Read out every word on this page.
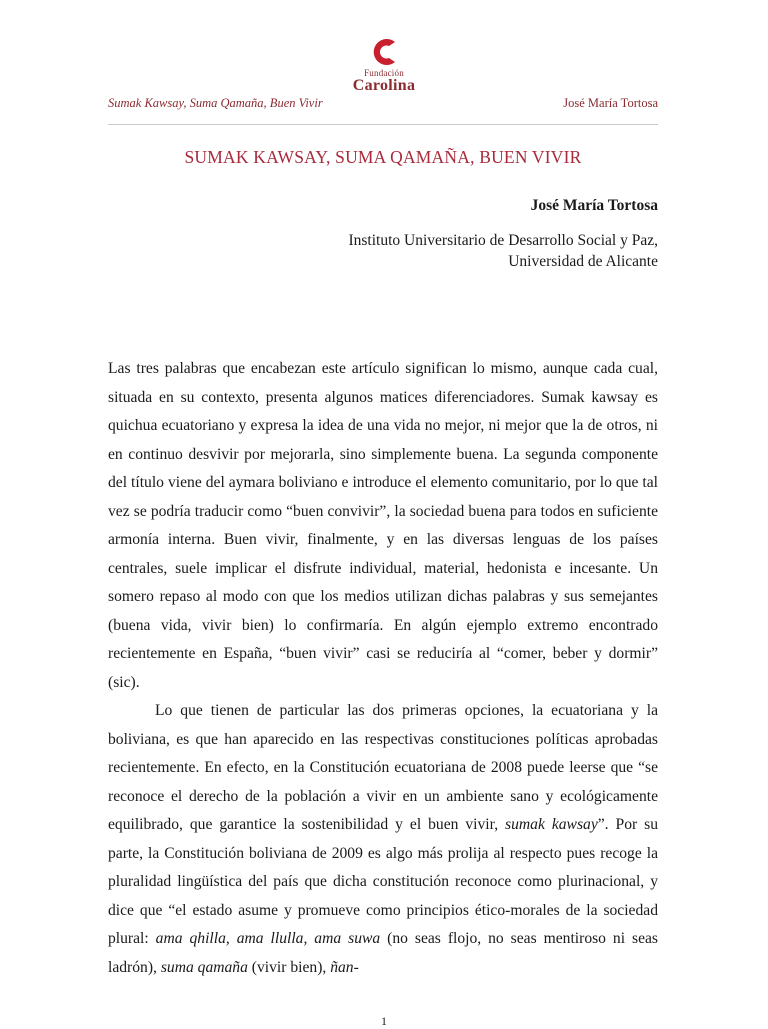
Fundación
Carolina
Sumak Kawsay, Suma Qamaña, Buen Vivir	José María Tortosa
SUMAK KAWSAY, SUMA QAMAÑA, BUEN VIVIR
José María Tortosa
Instituto Universitario de Desarrollo Social y Paz,
Universidad de Alicante

Las tres palabras que encabezan este artículo significan lo mismo, aunque cada cual, situada en su contexto, presenta algunos matices diferenciadores. Sumak kawsay es quichua ecuatoriano y expresa la idea de una vida no mejor, ni mejor que la de otros, ni en continuo desvivir por mejorarla, sino simplemente buena. La segunda componente del título viene del aymara boliviano e introduce el elemento comunitario, por lo que tal vez se podría traducir como “buen convivir”, la sociedad buena para todos en suficiente armonía interna. Buen vivir, finalmente, y en las diversas lenguas de los países centrales, suele implicar el disfrute individual, material, hedonista e incesante. Un somero repaso al modo con que los medios utilizan dichas palabras y sus semejantes (buena vida, vivir bien) lo confirmaría. En algún ejemplo extremo encontrado recientemente en España, “buen vivir” casi se reduciría al “comer, beber y dormir” (sic).

Lo que tienen de particular las dos primeras opciones, la ecuatoriana y la boliviana, es que han aparecido en las respectivas constituciones políticas aprobadas recientemente. En efecto, en la Constitución ecuatoriana de 2008 puede leerse que “se reconoce el derecho de la población a vivir en un ambiente sano y ecológicamente equilibrado, que garantice la sostenibilidad y el buen vivir, sumak kawsay”. Por su parte, la Constitución boliviana de 2009 es algo más prolija al respecto pues recoge la pluralidad lingüística del país que dicha constitución reconoce como plurinacional, y dice que “el estado asume y promueve como principios ético-morales de la sociedad plural: ama qhilla, ama llulla, ama suwa (no seas flojo, no seas mentiroso ni seas ladrón), suma qamaña (vivir bien), ñan-

1
